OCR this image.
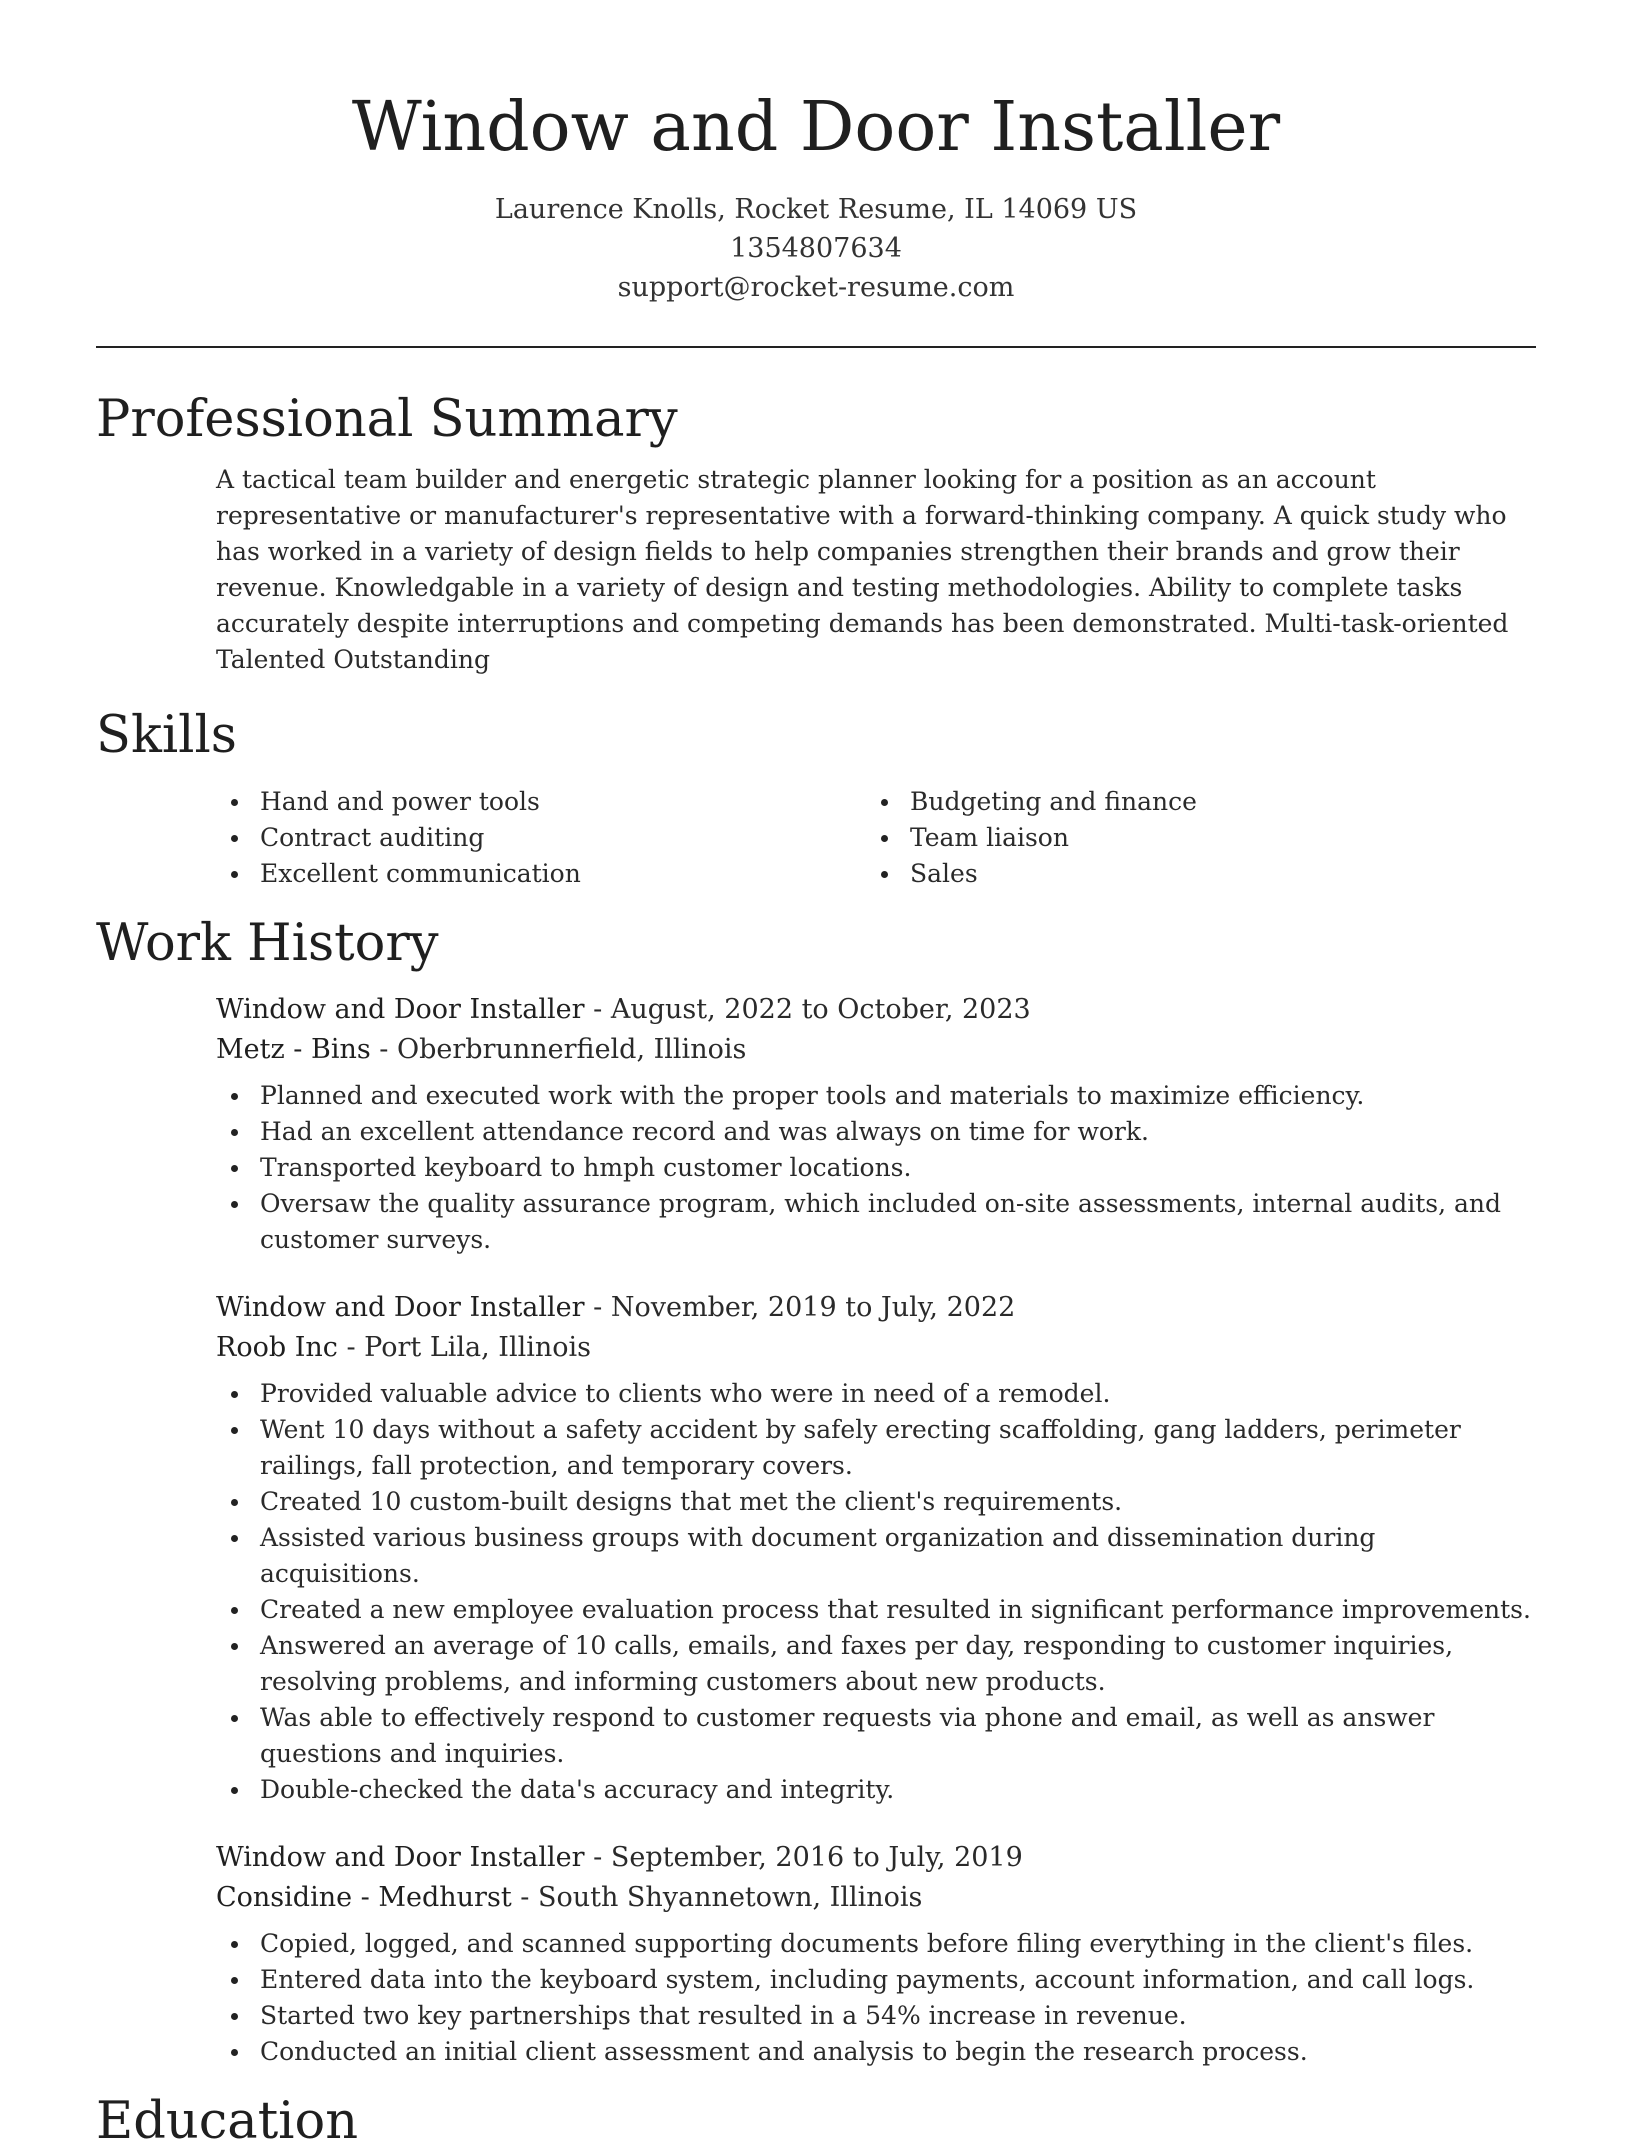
Window and Door Installer
Laurence Knolls, Rocket Resume, IL 14069 US
1354807634
support@rocket-resume.com
Professional Summary

A tactical team builder and energetic strategic planner looking for a position as an account representative or manufacturer's representative with a forward-thinking company. A quick study who has worked in a variety of design fields to help companies strengthen their brands and grow their revenue. Knowledgable in a variety of design and testing methodologies. Ability to complete tasks accurately despite interruptions and competing demands has been demonstrated. Multi-task-oriented Talented Outstanding

Skills
Hand and power tools
Contract auditing
Excellent communication
Budgeting and finance
Team liaison
Sales
Work History
Window and Door Installer - August, 2022 to October, 2023
Metz - Bins - Oberbrunnerfield, Illinois
Planned and executed work with the proper tools and materials to maximize efficiency.
Had an excellent attendance record and was always on time for work.
Transported keyboard to hmph customer locations.
Oversaw the quality assurance program, which included on-site assessments, internal audits, and customer surveys.
Window and Door Installer - November, 2019 to July, 2022
Roob Inc - Port Lila, Illinois
Provided valuable advice to clients who were in need of a remodel.
Went 10 days without a safety accident by safely erecting scaffolding, gang ladders, perimeter railings, fall protection, and temporary covers.
Created 10 custom-built designs that met the client's requirements.
Assisted various business groups with document organization and dissemination during acquisitions.
Created a new employee evaluation process that resulted in significant performance improvements.
Answered an average of 10 calls, emails, and faxes per day, responding to customer inquiries, resolving problems, and informing customers about new products.
Was able to effectively respond to customer requests via phone and email, as well as answer questions and inquiries.
Double-checked the data's accuracy and integrity.
Window and Door Installer - September, 2016 to July, 2019
Considine - Medhurst - South Shyannetown, Illinois
Copied, logged, and scanned supporting documents before filing everything in the client's files.
Entered data into the keyboard system, including payments, account information, and call logs.
Started two key partnerships that resulted in a 54% increase in revenue.
Conducted an initial client assessment and analysis to begin the research process.
Education
